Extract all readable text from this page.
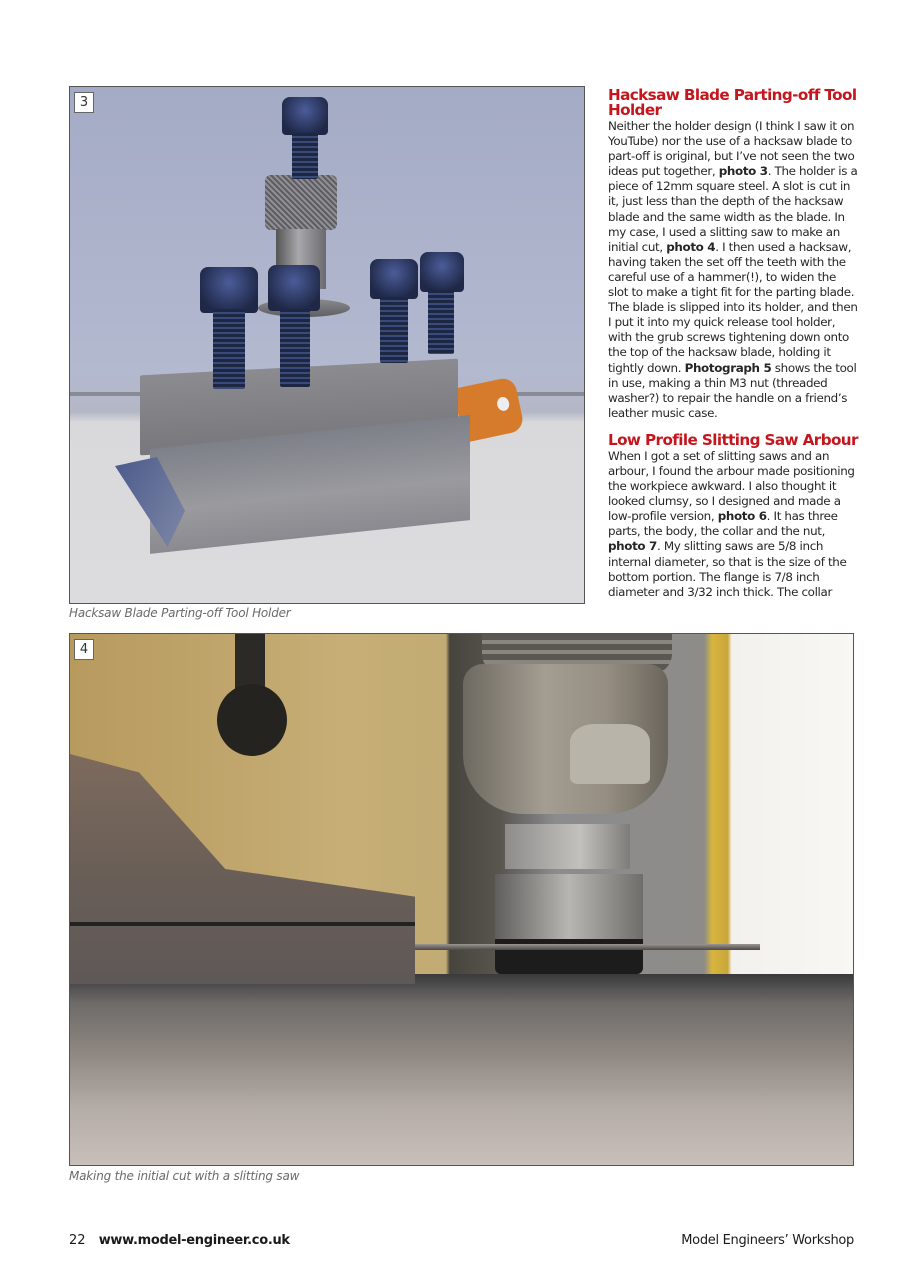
3
Hacksaw Blade Parting-off Tool Holder
Hacksaw Blade Parting-off Tool Holder

Neither the holder design (I think I saw it on YouTube) nor the use of a hacksaw blade to part-off is original, but I’ve not seen the two ideas put together, photo 3. The holder is a piece of 12mm square steel. A slot is cut in it, just less than the depth of the hacksaw blade and the same width as the blade. In my case, I used a slitting saw to make an initial cut, photo 4. I then used a hacksaw, having taken the set off the teeth with the careful use of a hammer(!), to widen the slot to make a tight fit for the parting blade. The blade is slipped into its holder, and then I put it into my quick release tool holder, with the grub screws tightening down onto the top of the hacksaw blade, holding it tightly down. Photograph 5 shows the tool in use, making a thin M3 nut (threaded washer?) to repair the handle on a friend’s leather music case.

Low Profile Slitting Saw Arbour

When I got a set of slitting saws and an arbour, I found the arbour made positioning the workpiece awkward. I also thought it looked clumsy, so I designed and made a low-profile version, photo 6. It has three parts, the body, the collar and the nut, photo 7. My slitting saws are 5/8 inch internal diameter, so that is the size of the bottom portion. The flange is 7/8 inch diameter and 3/32 inch thick. The collar

4
Making the initial cut with a slitting saw
22 www.model-engineer.co.uk	Model Engineers’ Workshop
